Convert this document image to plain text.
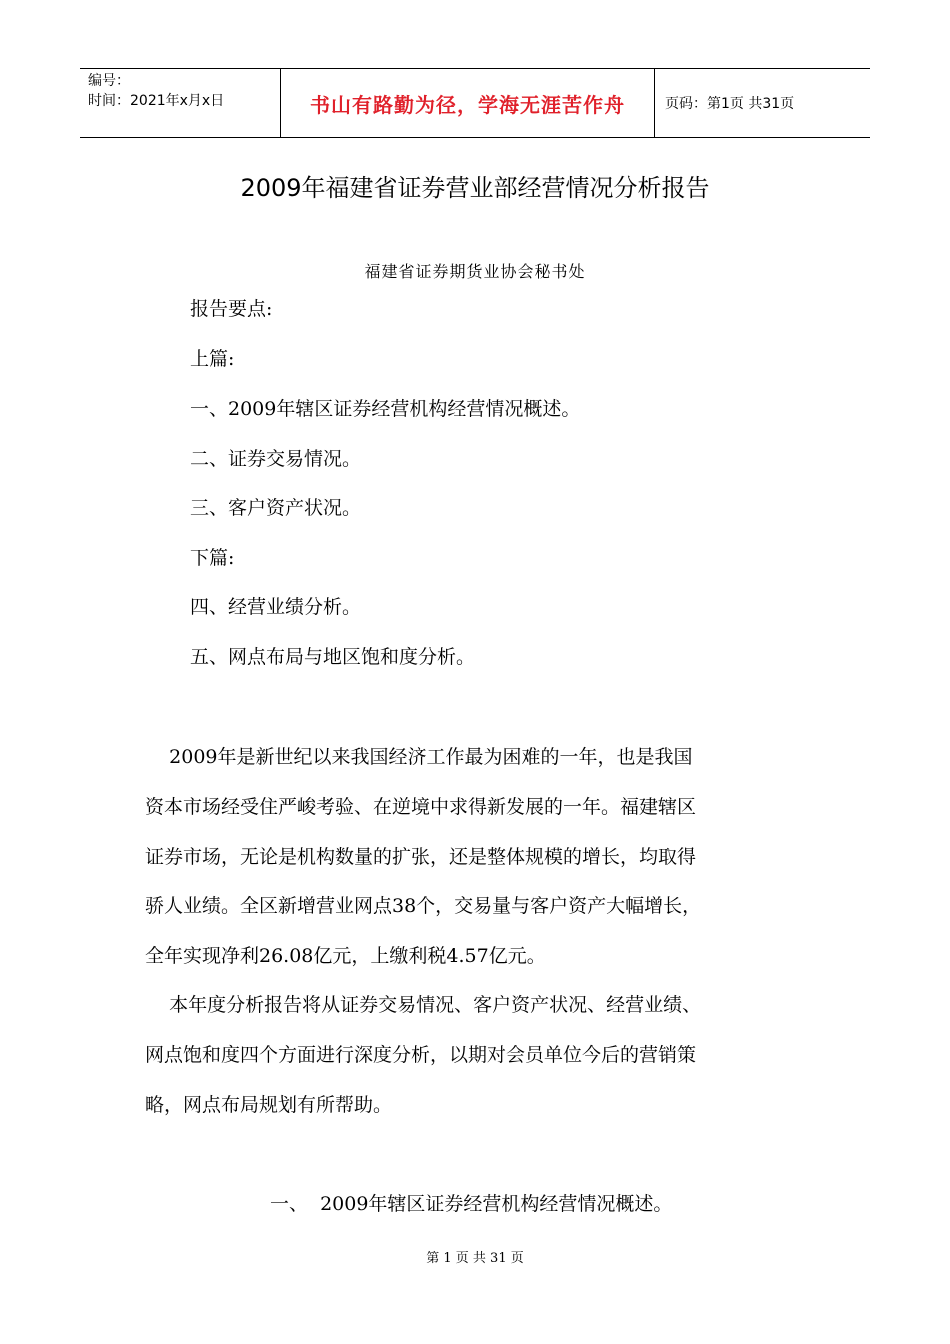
编号：
时间：2021年x月x日	书山有路勤为径，学海无涯苦作舟	页码：第1页 共31页
2009年福建省证券营业部经营情况分析报告
福建省证券期货业协会秘书处
报告要点:
上篇:
一、2009年辖区证券经营机构经营情况概述。
二、证券交易情况。
三、客户资产状况。
下篇:
四、经营业绩分析。
五、网点布局与地区饱和度分析。
2009年是新世纪以来我国经济工作最为困难的一年，也是我国
资本市场经受住严峻考验、在逆境中求得新发展的一年。福建辖区
证券市场，无论是机构数量的扩张，还是整体规模的增长，均取得
骄人业绩。全区新增营业网点38个，交易量与客户资产大幅增长，
全年实现净利26.08亿元，上缴利税4.57亿元。
本年度分析报告将从证券交易情况、客户资产状况、经营业绩、
网点饱和度四个方面进行深度分析，以期对会员单位今后的营销策
略，网点布局规划有所帮助。
一、  2009年辖区证券经营机构经营情况概述。
第 1 页 共 31 页
